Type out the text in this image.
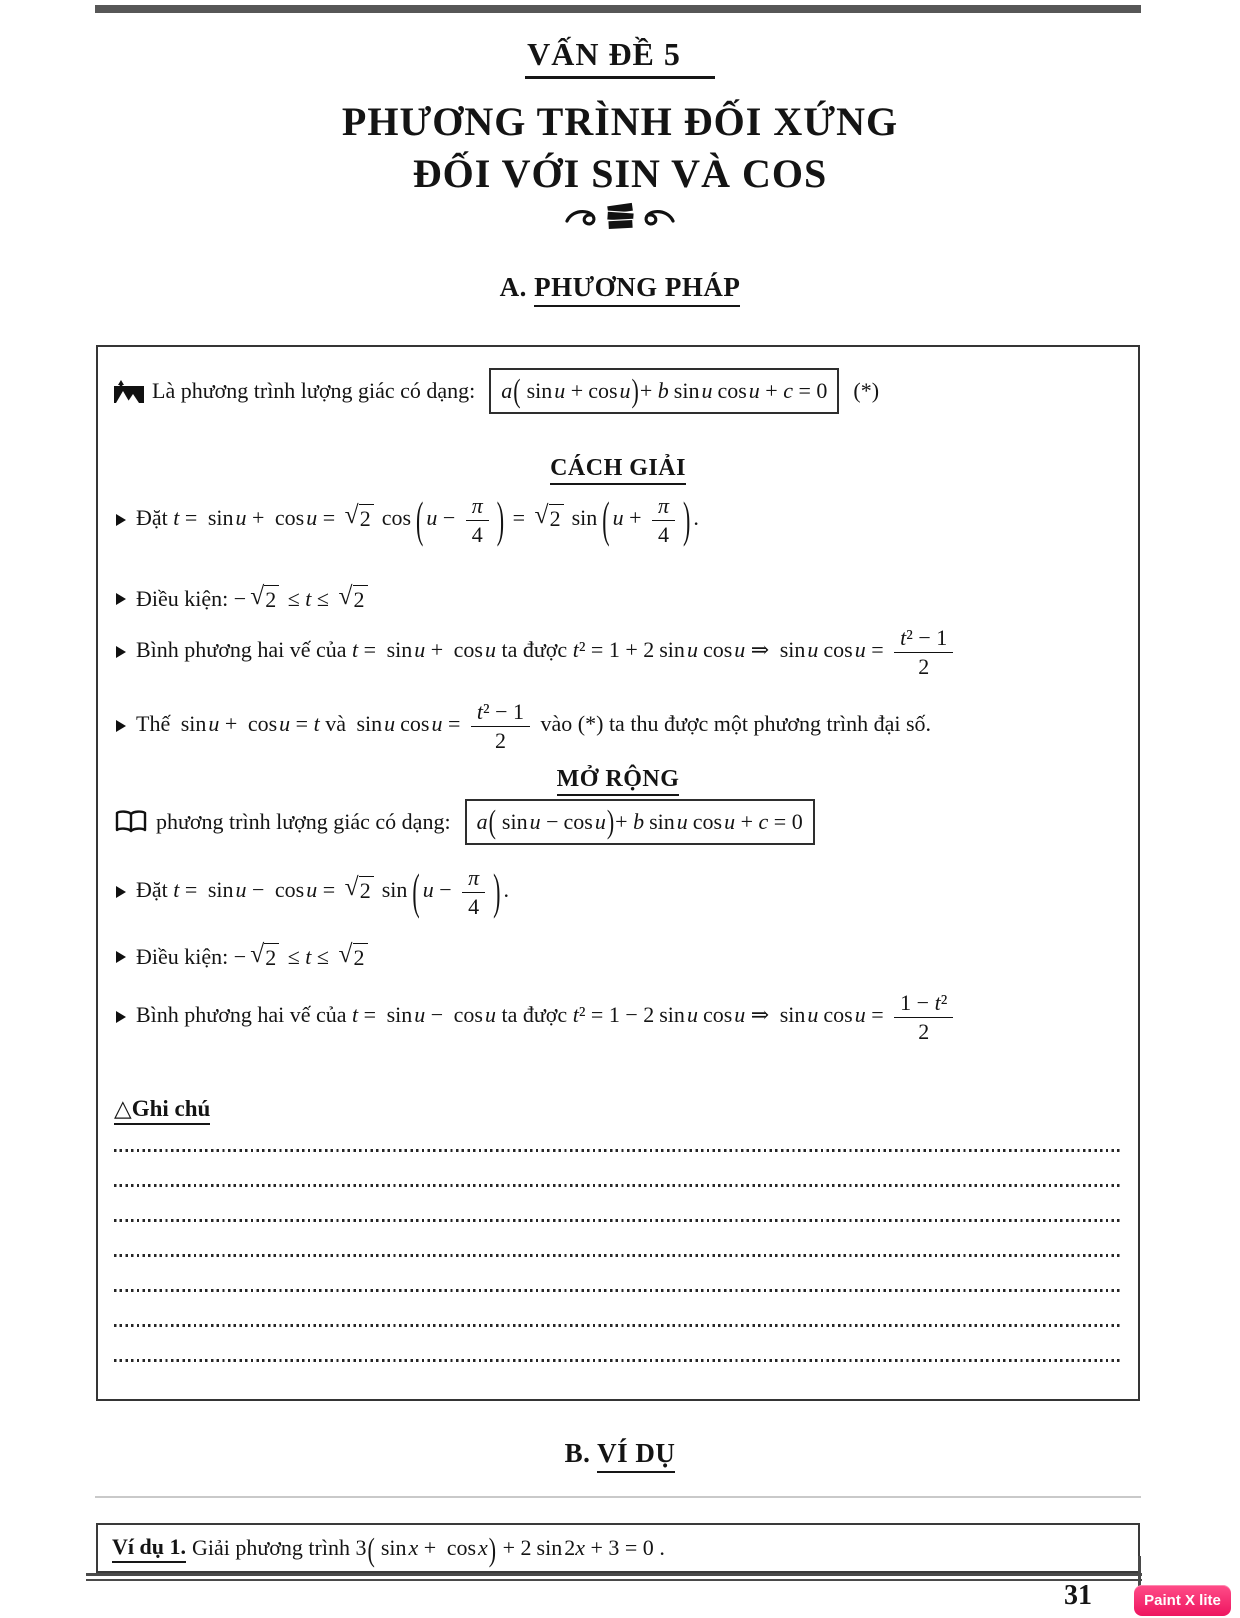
VẤN ĐỀ 5
PHƯƠNG TRÌNH ĐỐI XỨNG
ĐỐI VỚI SIN VÀ COS
A. PHƯƠNG PHÁP
Là phương trình lượng giác có dạng: a ( sin u + cos u ) + b sin u cos u + c = 0 (*)
CÁCH GIẢI
Đặt t = sinu + cosu = √ 2 cos ( $u - \frac{\pi}{4}$ ) = √ 2 sin ( $u + \frac{\pi}{4}$ ) .
Điều kiện: − √ 2 ≤ t ≤ √ 2
Bình phương hai vế của t = sinu + cosu ta được t² = 1 + 2 sinu cosu ⇒ sinu $\cos u = \frac{\text{t² − 1}}{2}$
Thế sinu + cosu = t và sinu $\cos u = \frac{\text{t² − 1}}{2}$ vào (*) ta thu được một phương trình đại số.
MỞ RỘNG
phương trình lượng giác có dạng: a ( sin u − cos u ) + b sin u cos u + c = 0
Đặt t = sinu − cosu = √ 2 sin ( $u - \frac{\pi}{4}$ ) .
Điều kiện: − √ 2 ≤ t ≤ √ 2
Bình phương hai vế của t = sinu − cosu ta được t² = 1 − 2 sinu cosu ⇒ sinu $\cos u = \frac{\text{1 − t²}}{2}$
△Ghi chú
B. VÍ DỤ
Ví dụ 1. Giải phương trình 3( sinx + cosx) + 2 sin2x + 3 = 0 .
31	Paint X lite
